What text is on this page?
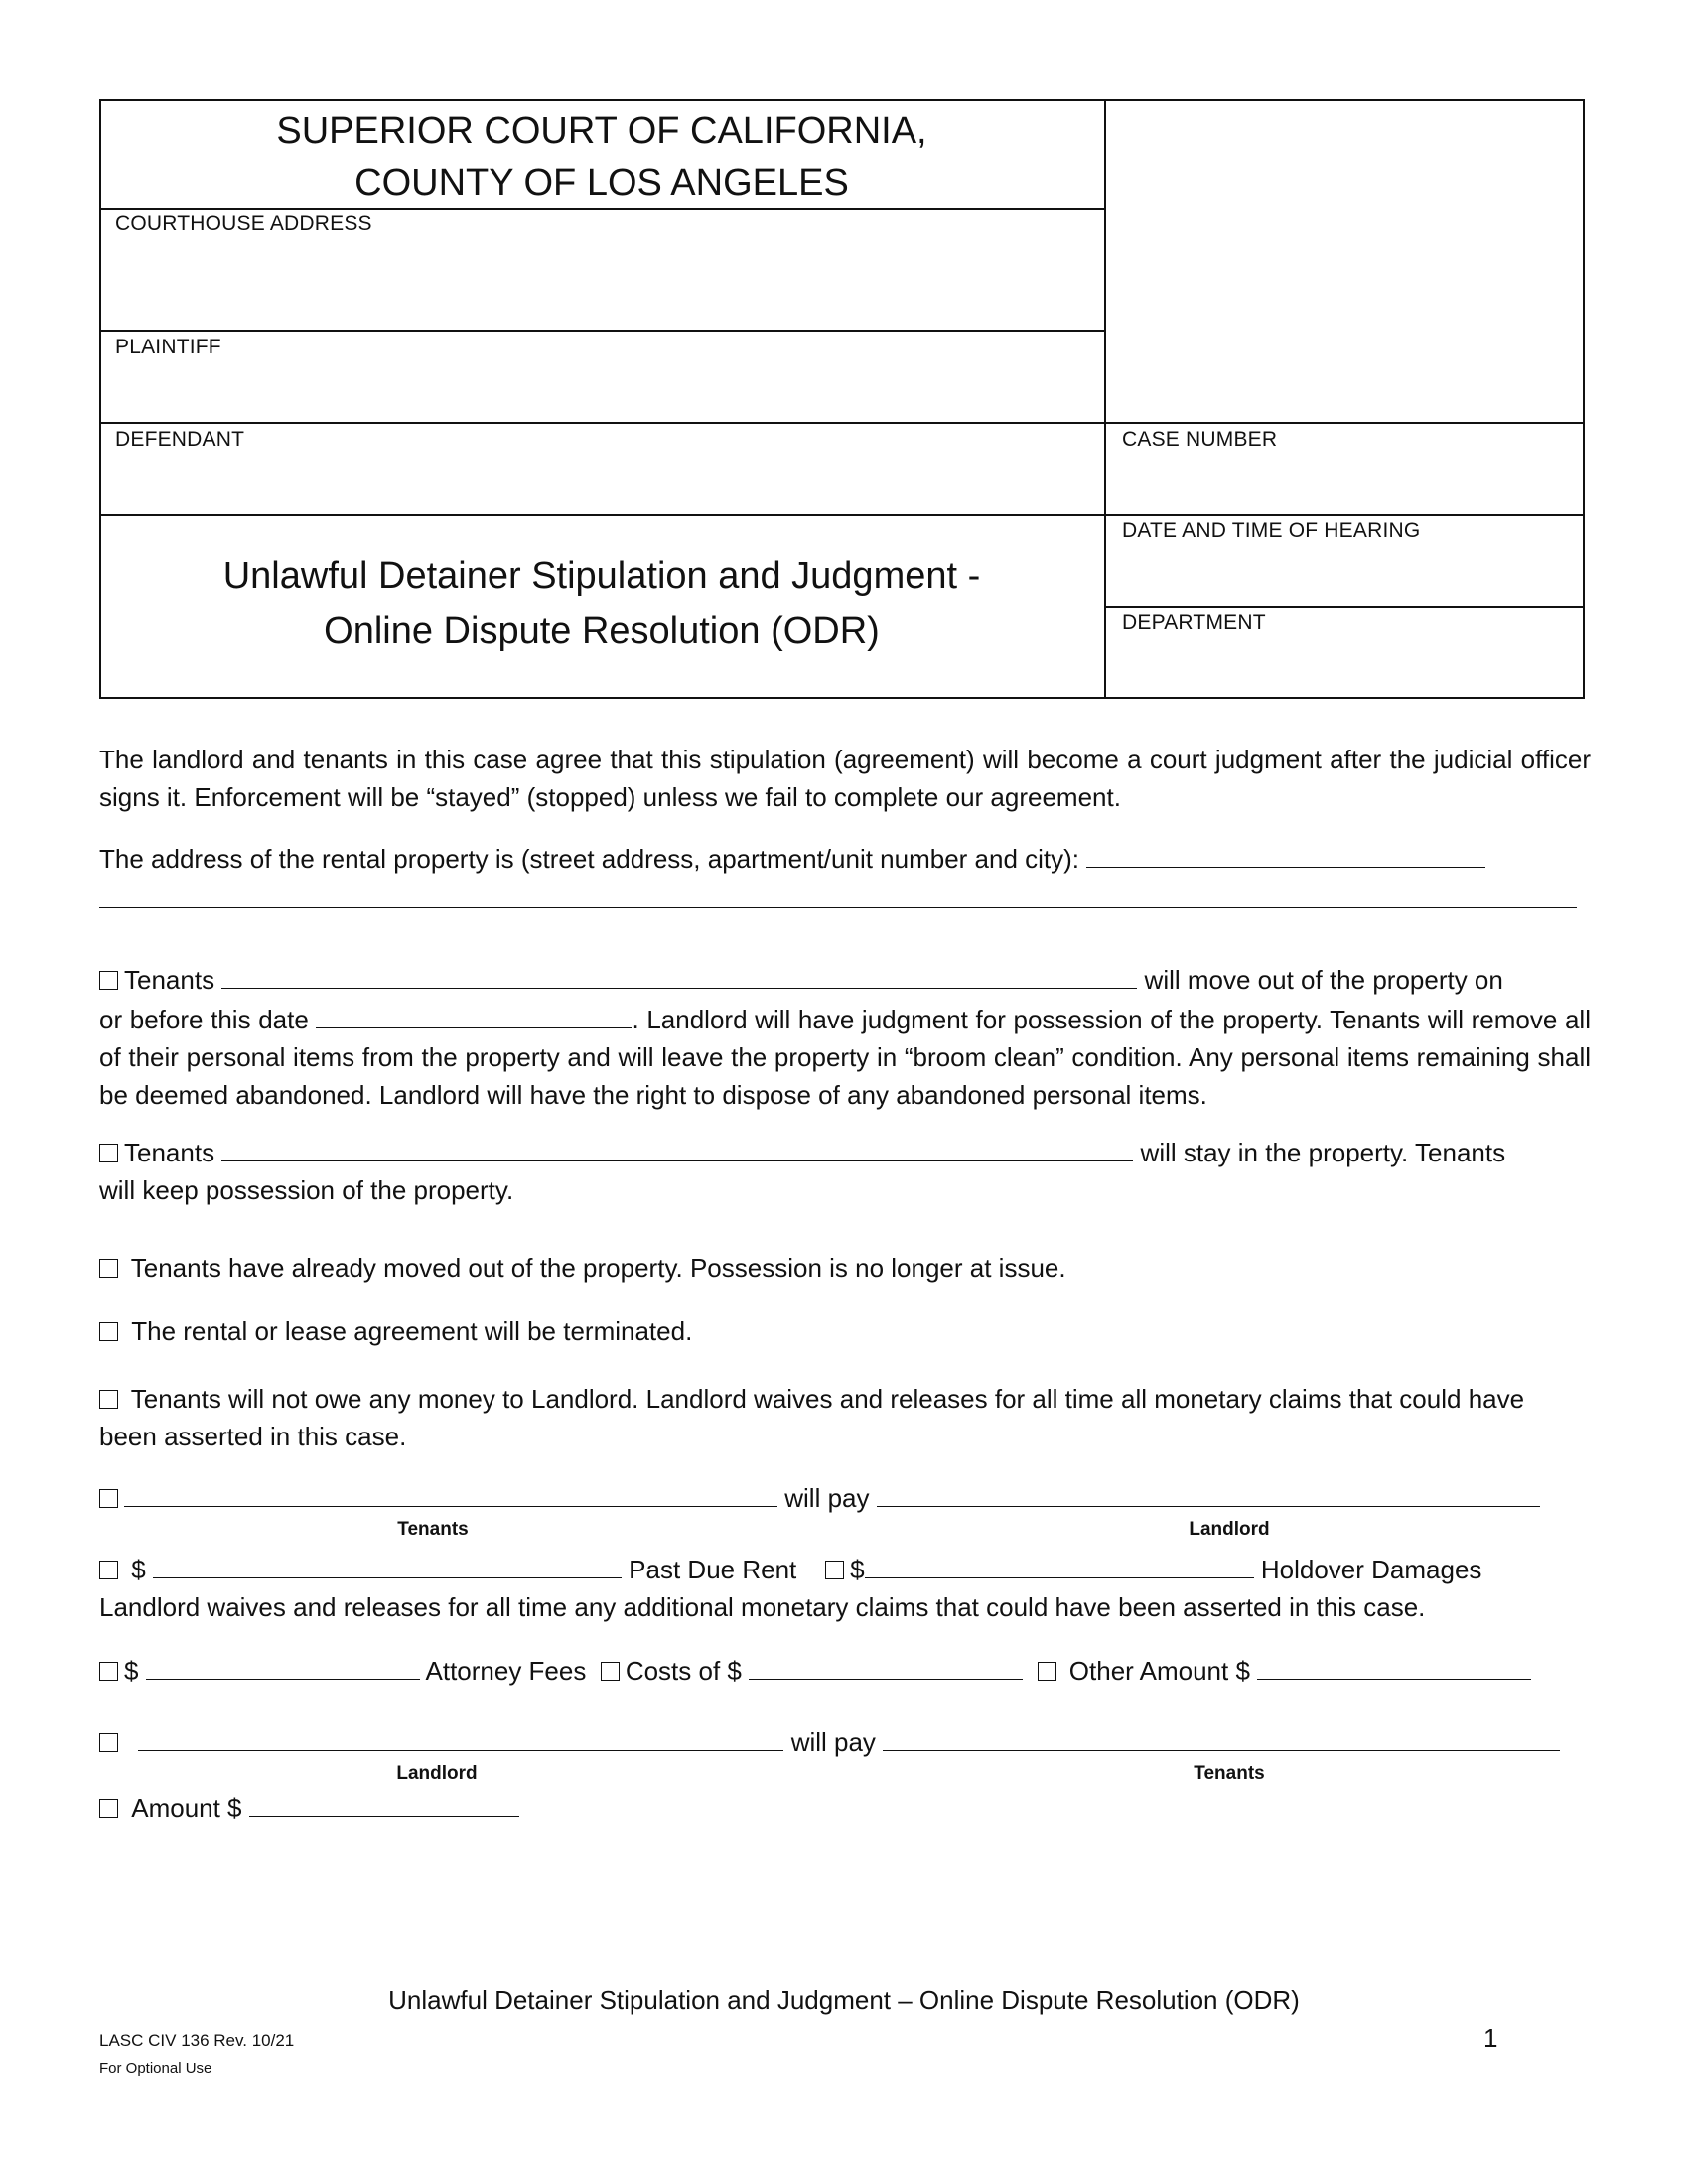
SUPERIOR COURT OF CALIFORNIA,
COUNTY OF LOS ANGELES
COURTHOUSE ADDRESS
PLAINTIFF
DEFENDANT	CASE NUMBER
DATE AND TIME OF HEARING
DEPARTMENT
Unlawful Detainer Stipulation and Judgment -
Online Dispute Resolution (ODR)
The landlord and tenants in this case agree that this stipulation (agreement) will become a court judgment after the judicial officer signs it. Enforcement will be “stayed” (stopped) unless we fail to complete our agreement.
The address of the rental property is (street address, apartment/unit number and city):
Tenants	will move out of the property on
or before this date	. Landlord will have judgment for possession of the property. Tenants will remove all of their personal items from the property and will leave the property in “broom clean” condition. Any personal items remaining shall be deemed abandoned. Landlord will have the right to dispose of any abandoned personal items.
Tenants	will stay in the property. Tenants
will keep possession of the property.
Tenants have already moved out of the property. Possession is no longer at issue.
The rental or lease agreement will be terminated.
Tenants will not owe any money to Landlord. Landlord waives and releases for all time all monetary claims that could have been asserted in this case.
will pay
Tenants	Landlord
$	Past Due Rent $	Holdover Damages
Landlord waives and releases for all time any additional monetary claims that could have been asserted in this case.
$	Attorney Fees Costs of $	Other Amount $
will pay
Landlord	Tenants
Amount $
Unlawful Detainer Stipulation and Judgment – Online Dispute Resolution (ODR)
LASC CIV 136 Rev. 10/21
For Optional Use
1
